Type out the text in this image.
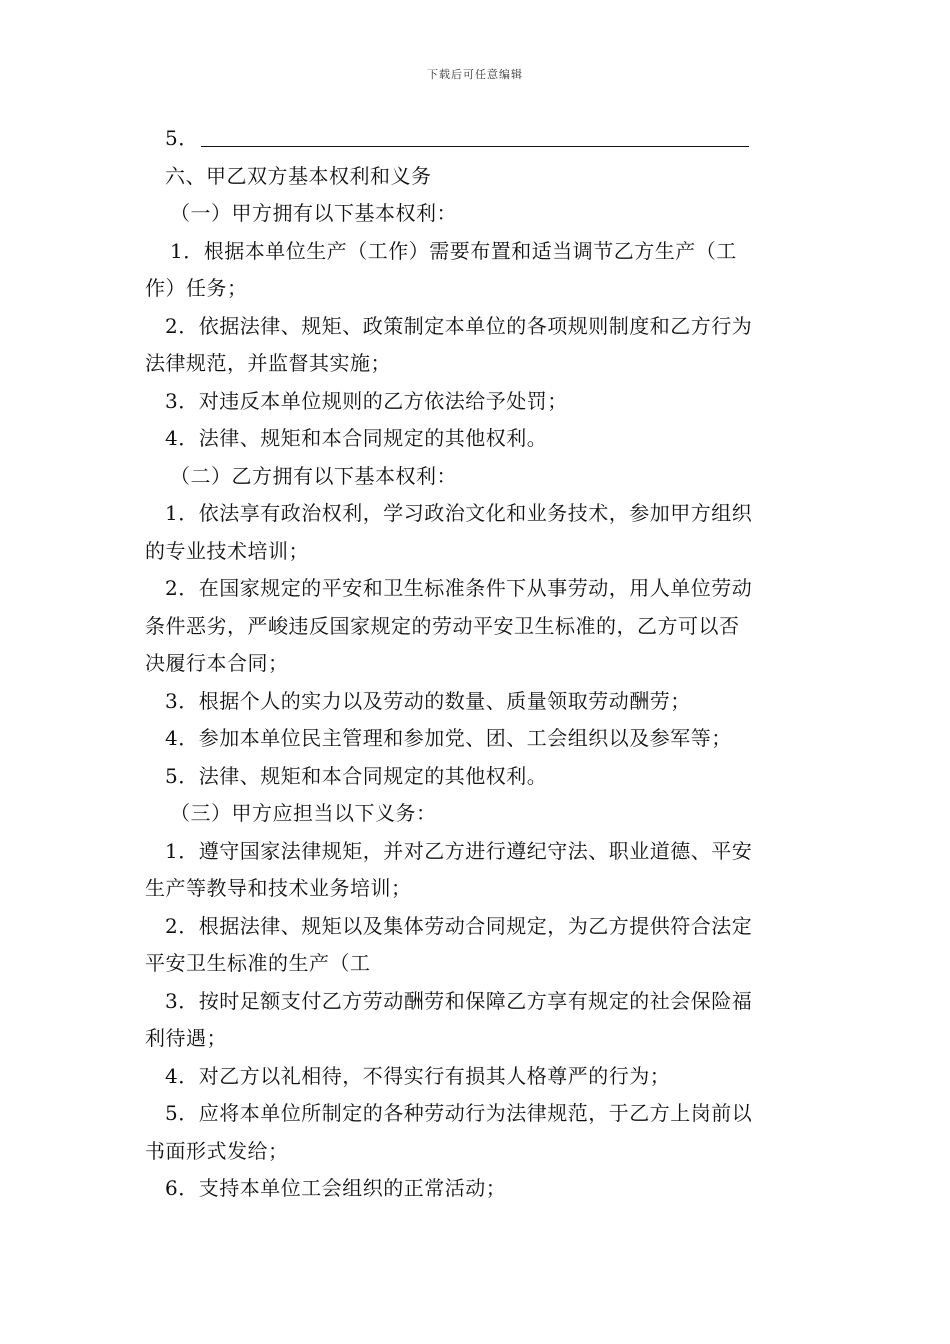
下载后可任意编辑
5．
六、甲乙双方基本权利和义务
（一）甲方拥有以下基本权利：
1．根据本单位生产（工作）需要布置和适当调节乙方生产（工
作）任务；
2．依据法律、规矩、政策制定本单位的各项规则制度和乙方行为
法律规范，并监督其实施；
3．对违反本单位规则的乙方依法给予处罚；
4．法律、规矩和本合同规定的其他权利。
（二）乙方拥有以下基本权利：
1．依法享有政治权利，学习政治文化和业务技术，参加甲方组织
的专业技术培训；
2．在国家规定的平安和卫生标准条件下从事劳动，用人单位劳动
条件恶劣，严峻违反国家规定的劳动平安卫生标准的，乙方可以否
决履行本合同；
3．根据个人的实力以及劳动的数量、质量领取劳动酬劳；
4．参加本单位民主管理和参加党、团、工会组织以及参军等；
5．法律、规矩和本合同规定的其他权利。
（三）甲方应担当以下义务：
1．遵守国家法律规矩，并对乙方进行遵纪守法、职业道德、平安
生产等教导和技术业务培训；
2．根据法律、规矩以及集体劳动合同规定，为乙方提供符合法定
平安卫生标准的生产（工
3．按时足额支付乙方劳动酬劳和保障乙方享有规定的社会保险福
利待遇；
4．对乙方以礼相待，不得实行有损其人格尊严的行为；
5．应将本单位所制定的各种劳动行为法律规范，于乙方上岗前以
书面形式发给；
6．支持本单位工会组织的正常活动；
